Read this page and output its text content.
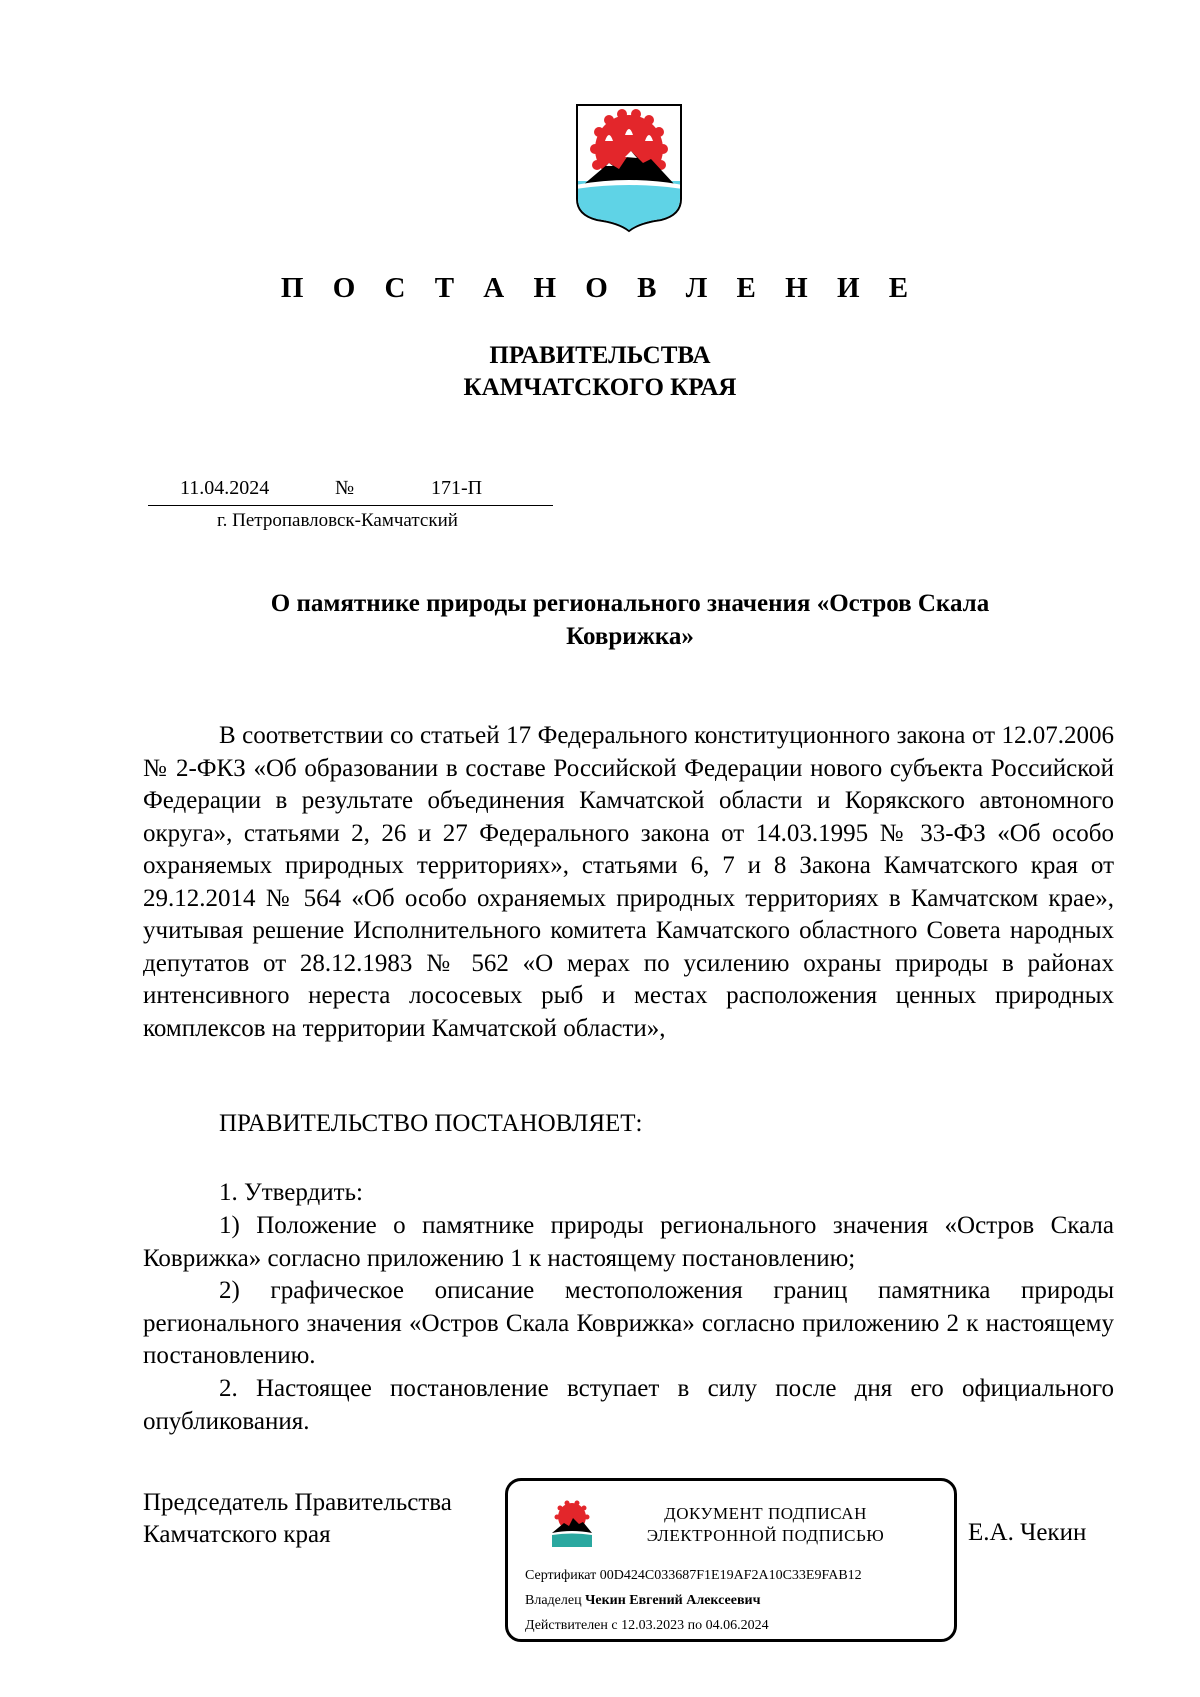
П О С Т А Н О В Л Е Н И Е
ПРАВИТЕЛЬСТВА
КАМЧАТСКОГО КРАЯ
11.04.2024	№	171-П
г. Петропавловск-Камчатский
О памятнике природы регионального значения «Остров Скала
Коврижка»

В соответствии со статьей 17 Федерального конституционного закона от 12.07.2006 № 2-ФКЗ «Об образовании в составе Российской Федерации нового субъекта Российской Федерации в результате объединения Камчатской области и Корякского автономного округа», статьями 2, 26 и 27 Федерального закона от 14.03.1995 № 33-ФЗ «Об особо охраняемых природных территориях», статьями 6, 7 и 8 Закона Камчатского края от 29.12.2014 № 564 «Об особо охраняемых природных территориях в Камчатском крае», учитывая решение Исполнительного комитета Камчатского областного Совета народных депутатов от 28.12.1983 № 562 «О мерах по усилению охраны природы в районах интенсивного нереста лососевых рыб и местах расположения ценных природных комплексов на территории Камчатской области»,

ПРАВИТЕЛЬСТВО ПОСТАНОВЛЯЕТ:

1. Утвердить:

1) Положение о памятнике природы регионального значения «Остров Скала Коврижка» согласно приложению 1 к настоящему постановлению;

2) графическое описание местоположения границ памятника природы регионального значения «Остров Скала Коврижка» согласно приложению 2 к настоящему постановлению.

2. Настоящее постановление вступает в силу после дня его официального опубликования.

Председатель Правительства
Камчатского края
ДОКУМЕНТ ПОДПИСАН
ЭЛЕКТРОННОЙ ПОДПИСЬЮ
Сертификат 00D424C033687F1E19AF2A10C33E9FAB12
Владелец Чекин Евгений Алексеевич
Действителен с 12.03.2023 по 04.06.2024
Е.А. Чекин
